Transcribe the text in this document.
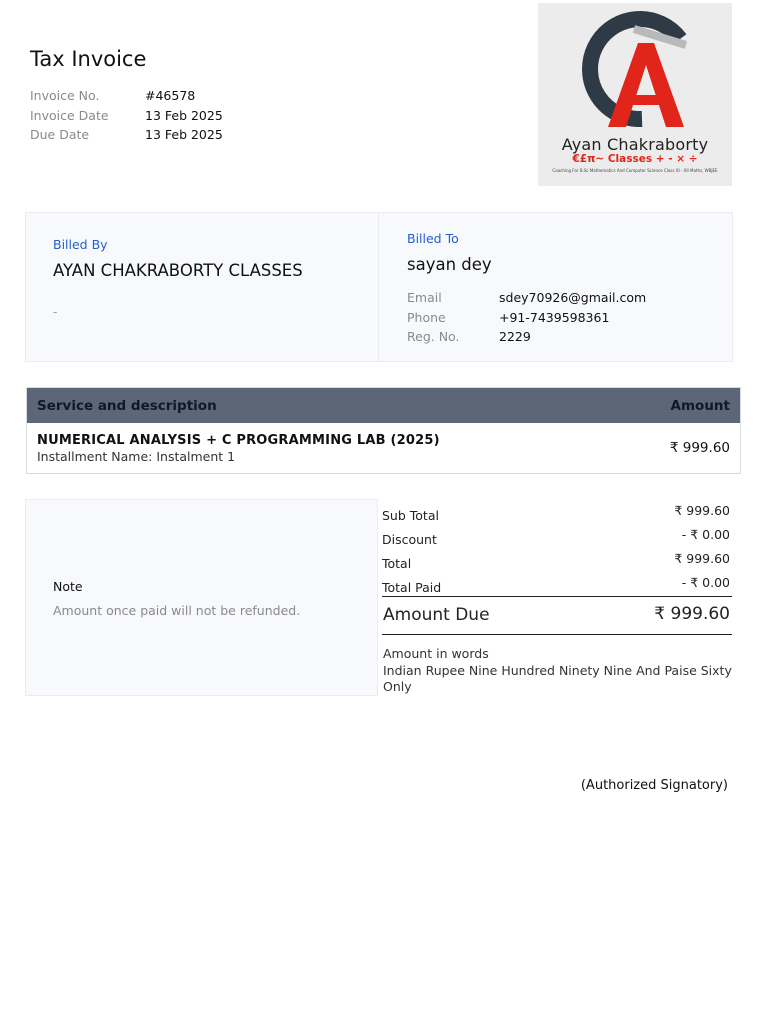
Tax Invoice
Invoice No.	#46578
Invoice Date	13 Feb 2025
Due Date	13 Feb 2025
Ayan Chakraborty
€£π~ Classes + - × ÷
Coaching For B.Sc Mathematics And Computer Science Class XI - XII Maths, WBJEE
Billed By
AYAN CHAKRABORTY CLASSES
-
Billed To
sayan dey
Email	sdey70926@gmail.com
Phone	+91-7439598361
Reg. No.	2229
Service and description	Amount
NUMERICAL ANALYSIS + C PROGRAMMING LAB (2025)
Installment Name: Instalment 1	₹ 999.60
Note
Amount once paid will not be refunded.
Sub Total	₹ 999.60
Discount	- ₹ 0.00
Total	₹ 999.60
Total Paid	- ₹ 0.00
Amount Due	₹ 999.60
Amount in words
Indian Rupee Nine Hundred Ninety Nine And Paise Sixty Only
(Authorized Signatory)
